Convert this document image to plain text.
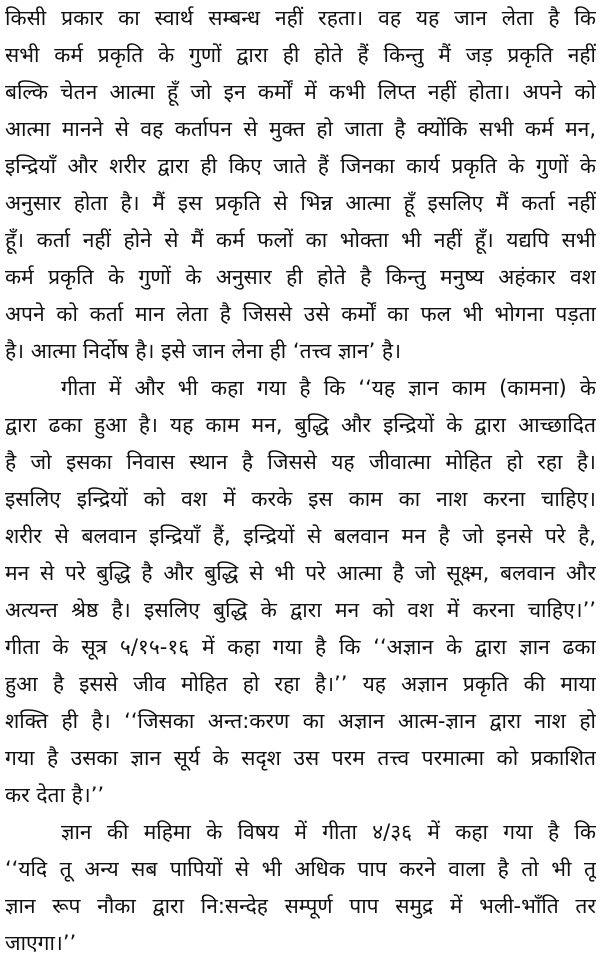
किसी प्रकार का स्वार्थ सम्बन्ध नहीं रहता। वह यह जान लेता है कि
सभी कर्म प्रकृति के गुणों द्वारा ही होते हैं किन्तु मैं जड़ प्रकृति नहीं
बल्कि चेतन आत्मा हूँ जो इन कर्मों में कभी लिप्त नहीं होता। अपने को
आत्मा मानने से वह कर्तापन से मुक्त हो जाता है क्योंकि सभी कर्म मन,
इन्द्रियाँ और शरीर द्वारा ही किए जाते हैं जिनका कार्य प्रकृति के गुणों के
अनुसार होता है। मैं इस प्रकृति से भिन्न आत्मा हूँ इसलिए मैं कर्ता नहीं
हूँ। कर्ता नहीं होने से मैं कर्म फलों का भोक्ता भी नहीं हूँ। यद्यपि सभी
कर्म प्रकृति के गुणों के अनुसार ही होते है किन्तु मनुष्य अहंकार वश
अपने को कर्ता मान लेता है जिससे उसे कर्मों का फल भी भोगना पड़ता
है। आत्मा निर्दोष है। इसे जान लेना ही ‘तत्त्व ज्ञान’ है।
गीता में और भी कहा गया है कि ‘‘यह ज्ञान काम (कामना) के
द्वारा ढका हुआ है। यह काम मन, बुद्धि और इन्द्रियों के द्वारा आच्छादित
है जो इसका निवास स्थान है जिससे यह जीवात्मा मोहित हो रहा है।
इसलिए इन्द्रियों को वश में करके इस काम का नाश करना चाहिए।
शरीर से बलवान इन्द्रियाँ हैं, इन्द्रियों से बलवान मन है जो इनसे परे है,
मन से परे बुद्धि है और बुद्धि से भी परे आत्मा है जो सूक्ष्म, बलवान और
अत्यन्त श्रेष्ठ है। इसलिए बुद्धि के द्वारा मन को वश में करना चाहिए।’’
गीता के सूत्र ५/१५-१६ में कहा गया है कि ‘‘अज्ञान के द्वारा ज्ञान ढका
हुआ है इससे जीव मोहित हो रहा है।’’ यह अज्ञान प्रकृति की माया
शक्ति ही है। ‘‘जिसका अन्त:करण का अज्ञान आत्म-ज्ञान द्वारा नाश हो
गया है उसका ज्ञान सूर्य के सदृश उस परम तत्त्व परमात्मा को प्रकाशित
कर देता है।’’
ज्ञान की महिमा के विषय में गीता ४/३६ में कहा गया है कि
‘‘यदि तू अन्य सब पापियों से भी अधिक पाप करने वाला है तो भी तू
ज्ञान रूप नौका द्वारा नि:सन्देह सम्पूर्ण पाप समुद्र में भली-भाँति तर
जाएगा।’’
